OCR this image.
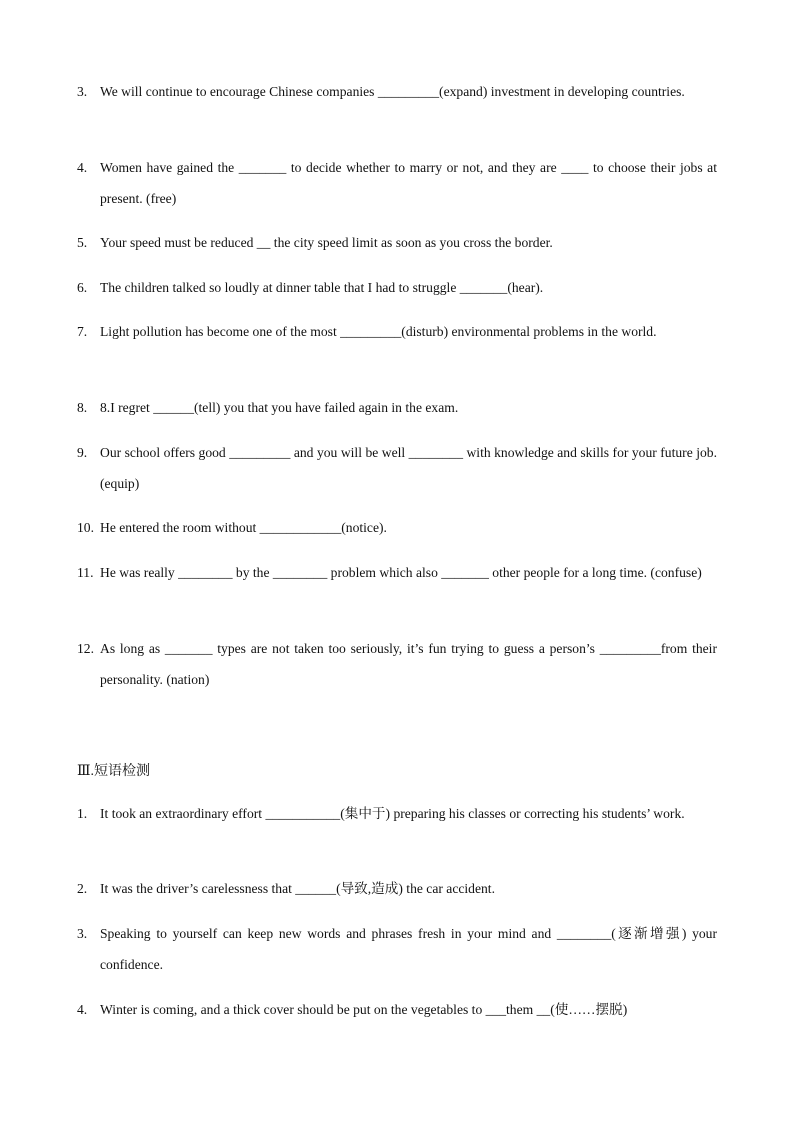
3. We will continue to encourage Chinese companies _________(expand) investment in developing countries.
4. Women have gained the _______ to decide whether to marry or not, and they are ____ to choose their jobs at present. (free)
5. Your speed must be reduced __ the city speed limit as soon as you cross the border.
6. The children talked so loudly at dinner table that I had to struggle _______(hear).
7. Light pollution has become one of the most _________(disturb) environmental problems in the world.
8. 8.I regret ______(tell) you that you have failed again in the exam.
9. Our school offers good _________ and you will be well ________ with knowledge and skills for your future job. (equip)
10. He entered the room without ____________(notice).
11. He was really ________ by the ________ problem which also _______ other people for a long time. (confuse)
12. As long as _______ types are not taken too seriously, it’s fun trying to guess a person’s _________from their personality. (nation)
Ⅲ.短语检测
1. It took an extraordinary effort ___________(集中于) preparing his classes or correcting his students’ work.
2. It was the driver’s carelessness that ______(导致,造成) the car accident.
3. Speaking to yourself can keep new words and phrases fresh in your mind and ________(逐渐增强) your confidence.
4. Winter is coming, and a thick cover should be put on the vegetables to ___them __(使……摆脱)
